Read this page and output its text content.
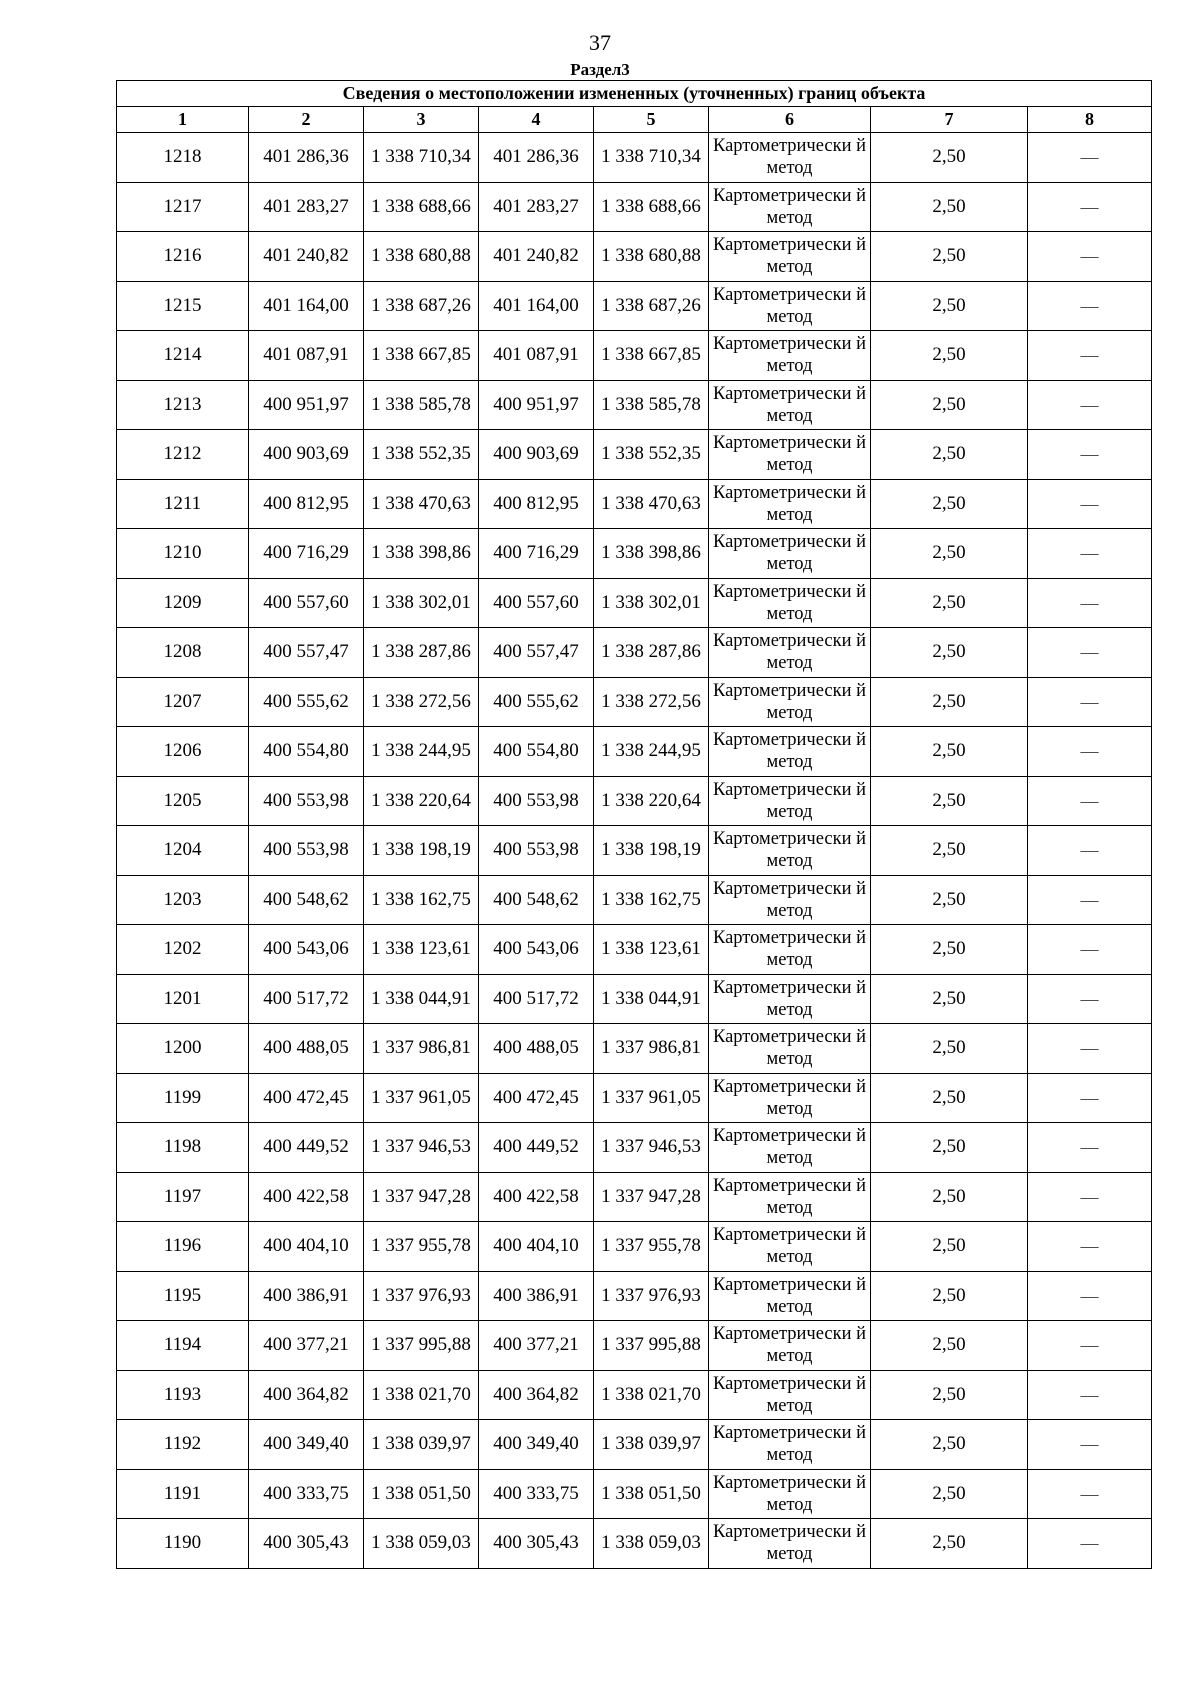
37
Раздел3
Сведения о местоположении измененных (уточненных) границ объекта							
1	2	3	4	5	6	7	8
1218	401 286,36	1 338 710,34	401 286,36	1 338 710,34	Картометрически й метод	2,50	—
1217	401 283,27	1 338 688,66	401 283,27	1 338 688,66	Картометрически й метод	2,50	—
1216	401 240,82	1 338 680,88	401 240,82	1 338 680,88	Картометрически й метод	2,50	—
1215	401 164,00	1 338 687,26	401 164,00	1 338 687,26	Картометрически й метод	2,50	—
1214	401 087,91	1 338 667,85	401 087,91	1 338 667,85	Картометрически й метод	2,50	—
1213	400 951,97	1 338 585,78	400 951,97	1 338 585,78	Картометрически й метод	2,50	—
1212	400 903,69	1 338 552,35	400 903,69	1 338 552,35	Картометрически й метод	2,50	—
1211	400 812,95	1 338 470,63	400 812,95	1 338 470,63	Картометрически й метод	2,50	—
1210	400 716,29	1 338 398,86	400 716,29	1 338 398,86	Картометрически й метод	2,50	—
1209	400 557,60	1 338 302,01	400 557,60	1 338 302,01	Картометрически й метод	2,50	—
1208	400 557,47	1 338 287,86	400 557,47	1 338 287,86	Картометрически й метод	2,50	—
1207	400 555,62	1 338 272,56	400 555,62	1 338 272,56	Картометрически й метод	2,50	—
1206	400 554,80	1 338 244,95	400 554,80	1 338 244,95	Картометрически й метод	2,50	—
1205	400 553,98	1 338 220,64	400 553,98	1 338 220,64	Картометрически й метод	2,50	—
1204	400 553,98	1 338 198,19	400 553,98	1 338 198,19	Картометрически й метод	2,50	—
1203	400 548,62	1 338 162,75	400 548,62	1 338 162,75	Картометрически й метод	2,50	—
1202	400 543,06	1 338 123,61	400 543,06	1 338 123,61	Картометрически й метод	2,50	—
1201	400 517,72	1 338 044,91	400 517,72	1 338 044,91	Картометрически й метод	2,50	—
1200	400 488,05	1 337 986,81	400 488,05	1 337 986,81	Картометрически й метод	2,50	—
1199	400 472,45	1 337 961,05	400 472,45	1 337 961,05	Картометрически й метод	2,50	—
1198	400 449,52	1 337 946,53	400 449,52	1 337 946,53	Картометрически й метод	2,50	—
1197	400 422,58	1 337 947,28	400 422,58	1 337 947,28	Картометрически й метод	2,50	—
1196	400 404,10	1 337 955,78	400 404,10	1 337 955,78	Картометрически й метод	2,50	—
1195	400 386,91	1 337 976,93	400 386,91	1 337 976,93	Картометрически й метод	2,50	—
1194	400 377,21	1 337 995,88	400 377,21	1 337 995,88	Картометрически й метод	2,50	—
1193	400 364,82	1 338 021,70	400 364,82	1 338 021,70	Картометрически й метод	2,50	—
1192	400 349,40	1 338 039,97	400 349,40	1 338 039,97	Картометрически й метод	2,50	—
1191	400 333,75	1 338 051,50	400 333,75	1 338 051,50	Картометрически й метод	2,50	—
1190	400 305,43	1 338 059,03	400 305,43	1 338 059,03	Картометрически й метод	2,50	—
